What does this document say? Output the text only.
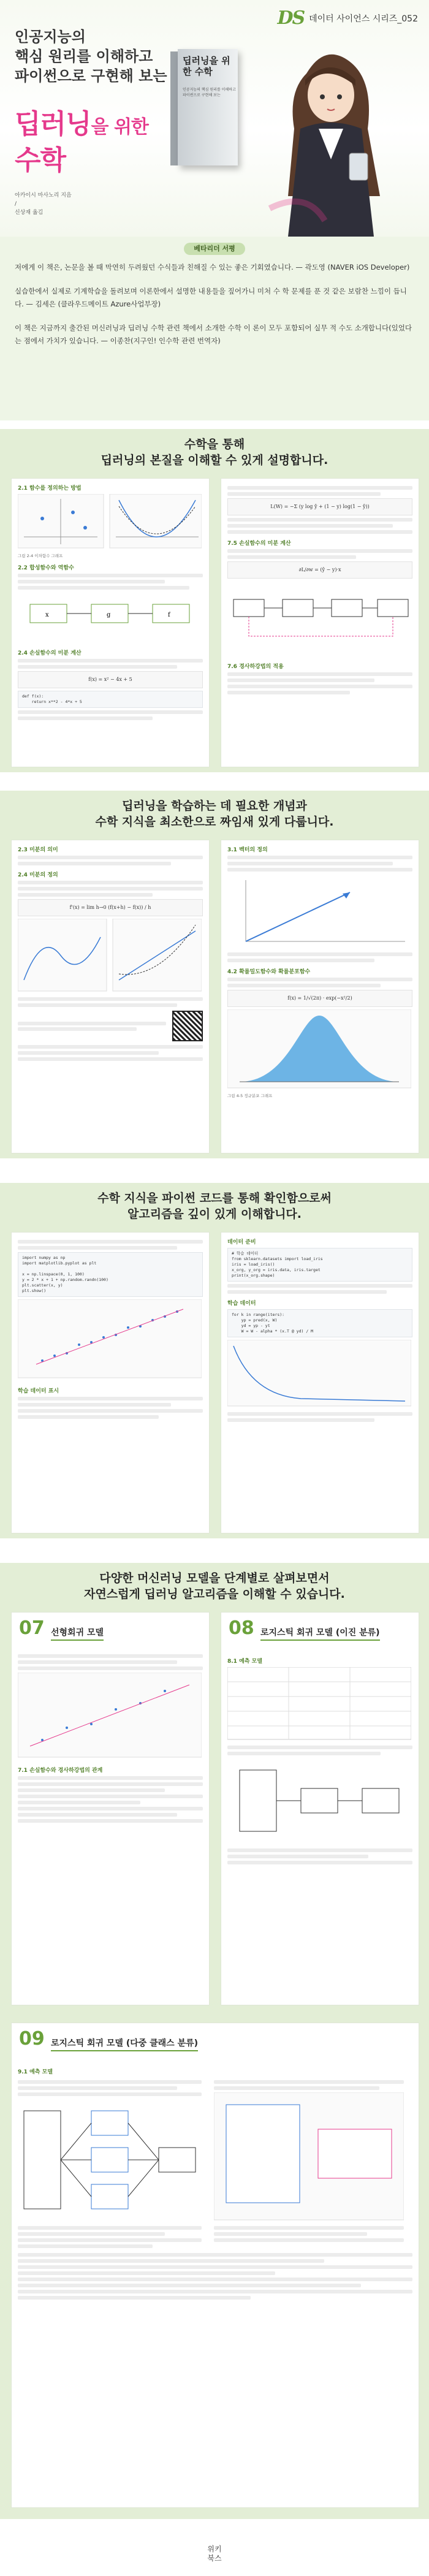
DS 데이터 사이언스 시리즈_052
인공지능의
핵심 원리를 이해하고
파이썬으로 구현해 보는
딥러닝을 위한
수학
아카이시 마사노리 지음
/
신상재 옮김
딥러닝을 위한 수학
인공지능의 핵심 원리를 이해하고 파이썬으로 구현해 보는
베타리더 서평

저에게 이 책은, 논문을 볼 때 막연히 두려웠던 수식들과 친해질 수 있는 좋은 기회였습니다. — 곽도영 (NAVER iOS Developer)

실습한에서 실제로 기계학습을 돌려보며 이론한에서 설명한 내용들을 짚어가니 미처 수 학 문제를 푼 것 같은 보람찬 느낌이 듭니다. — 김세은 (클라우드메이트 Azure사업부장)

이 책은 지금까지 출간된 머신러닝과 딥러닝 수학 관련 책에서 소개한 수학 이 론이 모두 포함되어 실무 적 수도 소개합니다(있었다는 점에서 가치가 있습니다. — 이종찬(지구인! 인수학 관련 번역자)

수학을 통해
딥러닝의 본질을 이해할 수 있게 설명합니다.
2.1 함수를 정의하는 방법
그림 2-4 이차함수 그래프
2.2 합성함수와 역함수
x	g	f
2.4 손실함수의 미분 계산
f(x) = x² − 4x + 5
def f(x):
return x**2 - 4*x + 5
L(W) = −Σ (y log ŷ + (1 − y) log(1 − ŷ))
7.5 손실함수의 미분 계산
∂L/∂w = (ŷ − y)·x
7.6 경사하강법의 적용
딥러닝을 학습하는 데 필요한 개념과
수학 지식을 최소한으로 짜임새 있게 다룹니다.
2.3 미분의 의미
2.4 미분의 정의
f'(x) = lim h→0 (f(x+h) − f(x)) / h
3.1 벡터의 정의
4.2 확률밀도함수와 확률분포함수
f(x) = 1/√(2π) · exp(−x²/2)
그림 4-5 정규분포 그래프
수학 지식을 파이썬 코드를 통해 확인함으로써
알고리즘을 깊이 있게 이해합니다.
import numpy as np
import matplotlib.pyplot as plt

x = np.linspace(0, 1, 100)
y = 2 * x + 1 + np.random.randn(100)
plt.scatter(x, y)
plt.show()
학습 데이터 표시
데이터 준비
# 학습 데이터
from sklearn.datasets import load_iris
iris = load_iris()
x_org, y_org = iris.data, iris.target
print(x_org.shape)
학습 데이터
for k in range(iters):
yp = pred(x, W)
yd = yp - yt
W = W - alpha * (x.T @ yd) / M
다양한 머신러닝 모델을 단계별로 살펴보면서
자연스럽게 딥러닝 알고리즘을 이해할 수 있습니다.
07 선형회귀 모델
7.1 손실함수와 경사하강법의 관계
08 로지스틱 회귀 모델 (이진 분류)
8.1 예측 모델
09 로지스틱 회귀 모델 (다중 클래스 분류)
9.1 예측 모델
위키
북스
